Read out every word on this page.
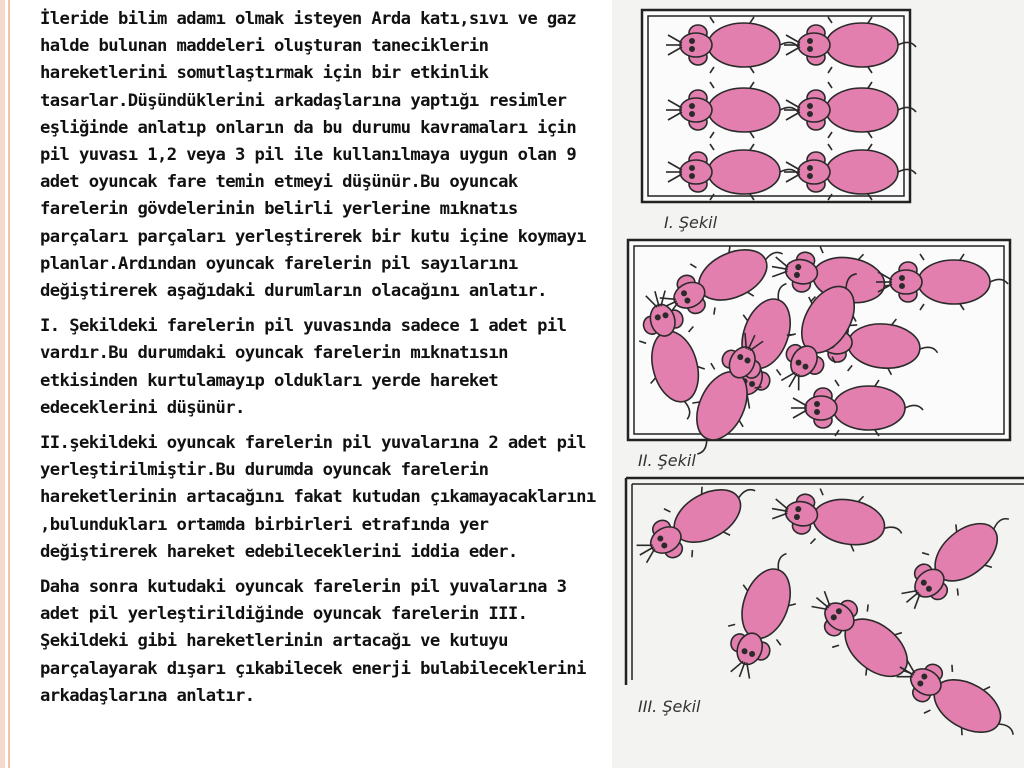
İleride bilim adamı olmak isteyen Arda katı,sıvı ve gaz halde bulunan maddeleri oluşturan taneciklerin hareketlerini somutlaştırmak için bir etkinlik tasarlar.Düşündüklerini arkadaşlarına yaptığı resimler eşliğinde anlatıp onların da bu durumu kavramaları için pil yuvası 1,2 veya 3 pil ile kullanılmaya uygun olan 9 adet oyuncak fare temin etmeyi düşünür.Bu oyuncak farelerin gövdelerinin belirli yerlerine mıknatıs parçaları parçaları yerleştirerek bir kutu içine koymayı planlar.Ardından oyuncak farelerin pil sayılarını değiştirerek aşağıdaki durumların olacağını anlatır.

I. Şekildeki farelerin pil yuvasında sadece 1 adet pil vardır.Bu durumdaki oyuncak farelerin mıknatısın etkisinden kurtulamayıp oldukları yerde hareket edeceklerini düşünür.

II.şekildeki oyuncak farelerin pil yuvalarına 2 adet pil yerleştirilmiştir.Bu durumda oyuncak farelerin hareketlerinin artacağını fakat kutudan çıkamayacaklarını ,bulundukları ortamda birbirleri etrafında yer değiştirerek hareket edebileceklerini iddia eder.

Daha sonra kutudaki oyuncak farelerin pil yuvalarına 3 adet pil yerleştirildiğinde oyuncak farelerin III. Şekildeki gibi hareketlerinin artacağı ve kutuyu parçalayarak dışarı çıkabilecek enerji bulabileceklerini arkadaşlarına anlatır.

I. Şekil
II. Şekil
III. Şekil
